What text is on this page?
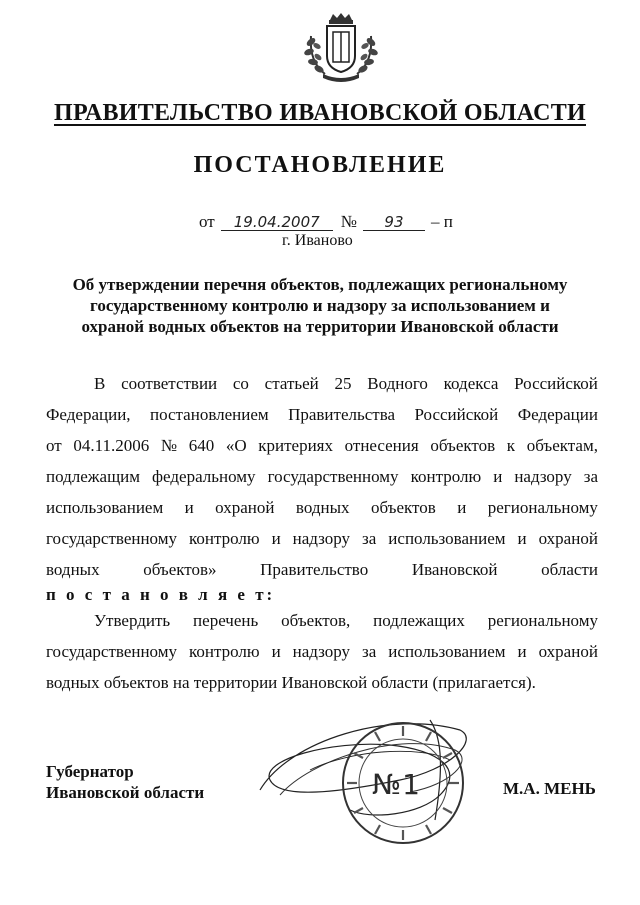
ПРАВИТЕЛЬСТВО ИВАНОВСКОЙ ОБЛАСТИ
ПОСТАНОВЛЕНИЕ
от 19.04.2007 № 93 – п
г. Иваново
Об утверждении перечня объектов, подлежащих региональному
государственному контролю и надзору за использованием и
охраной водных объектов на территории Ивановской области
В соответствии со статьей 25 Водного кодекса Российской
Федерации, постановлением Правительства Российской Федерации
от 04.11.2006 № 640 «О критериях отнесения объектов к объектам,
подлежащим федеральному государственному контролю и надзору за
использованием и охраной водных объектов и региональному
государственному контролю и надзору за использованием и охраной
водных	объектов»	Правительство	Ивановской	области
п о с т а н о в л я е т:
Утвердить перечень объектов, подлежащих региональному
государственному контролю и надзору за использованием и охраной
водных объектов на территории Ивановской области (прилагается).
№1
Губернатор
Ивановской области	М.А. МЕНЬ
